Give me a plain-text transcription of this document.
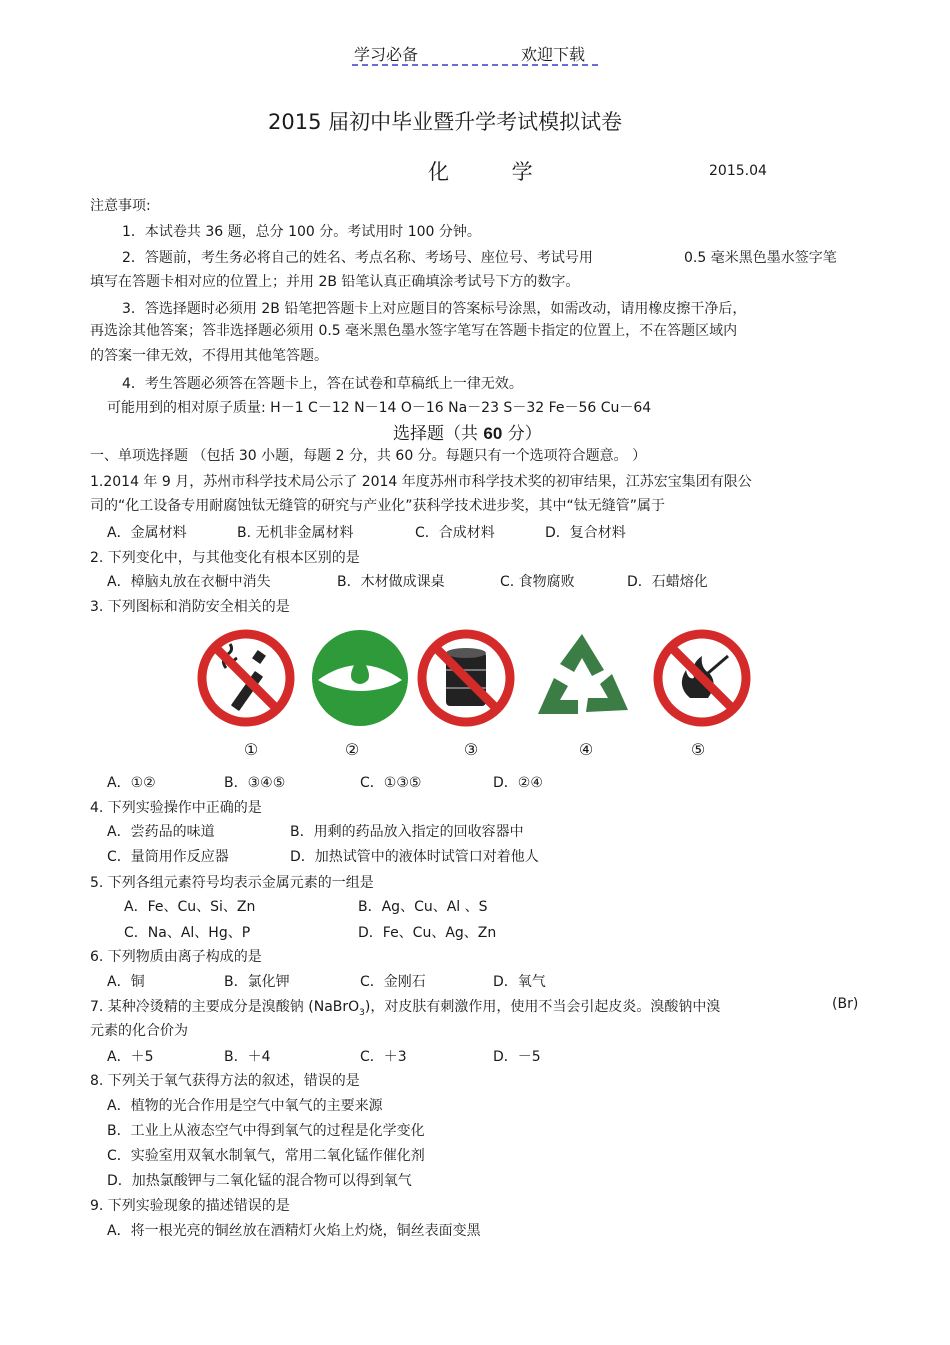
学习必备	欢迎下载
2015 届初中毕业暨升学考试模拟试卷
化 学	2015.04
注意事项:
1．本试卷共 36 题，总分 100 分。考试用时 100 分钟。
2．答题前，考生务必将自己的姓名、考点名称、考场号、座位号、考试号用	0.5 毫米黑色墨水签字笔
填写在答题卡相对应的位置上；并用 2B 铅笔认真正确填涂考试号下方的数字。
3．答选择题时必须用 2B 铅笔把答题卡上对应题目的答案标号涂黑，如需改动，请用橡皮擦干净后，
再选涂其他答案；答非选择题必须用 0.5 毫米黑色墨水签字笔写在答题卡指定的位置上，不在答题区域内
的答案一律无效，不得用其他笔答题。
4．考生答题必须答在答题卡上，答在试卷和草稿纸上一律无效。
可能用到的相对原子质量: H－1 C－12 N－14 O－16 Na－23 S－32 Fe－56 Cu－64
选择题（共 60 分）
一、单项选择题 （包括 30 小题，每题 2 分，共 60 分。每题只有一个选项符合题意。 ）
1.2014 年 9 月，苏州市科学技术局公示了 2014 年度苏州市科学技术奖的初审结果，江苏宏宝集团有限公
司的“化工设备专用耐腐蚀钛无缝管的研究与产业化”获科学技术进步奖，其中“钛无缝管”属于
A．金属材料	B. 无机非金属材料	C．合成材料	D．复合材料
2. 下列变化中，与其他变化有根本区别的是
A．樟脑丸放在衣橱中消失	B．木材做成课桌	C. 食物腐败	D．石蜡熔化
3. 下列图标和消防安全相关的是
①	②	③	④	⑤
A．①②	B．③④⑤	C．①③⑤	D．②④
4. 下列实验操作中正确的是
A．尝药品的味道	B．用剩的药品放入指定的回收容器中
C．量筒用作反应器	D．加热试管中的液体时试管口对着他人
5. 下列各组元素符号均表示金属元素的一组是
A．Fe、Cu、Si、Zn	B．Ag、Cu、Al 、S
C．Na、Al、Hg、P	D．Fe、Cu、Ag、Zn
6. 下列物质由离子构成的是
A．铜	B．氯化钾	C．金刚石	D．氧气
7. 某种冷烫精的主要成分是溴酸钠 (NaBrO$_3$)，对皮肤有刺激作用，使用不当会引起皮炎。溴酸钠中溴	(Br)
元素的化合价为
A．＋5	B．＋4	C．＋3	D．－5
8. 下列关于氧气获得方法的叙述，错误的是
A．植物的光合作用是空气中氧气的主要来源
B．工业上从液态空气中得到氧气的过程是化学变化
C．实验室用双氧水制氧气，常用二氧化锰作催化剂
D．加热氯酸钾与二氧化锰的混合物可以得到氧气
9. 下列实验现象的描述错误的是
A．将一根光亮的铜丝放在酒精灯火焰上灼烧，铜丝表面变黑
